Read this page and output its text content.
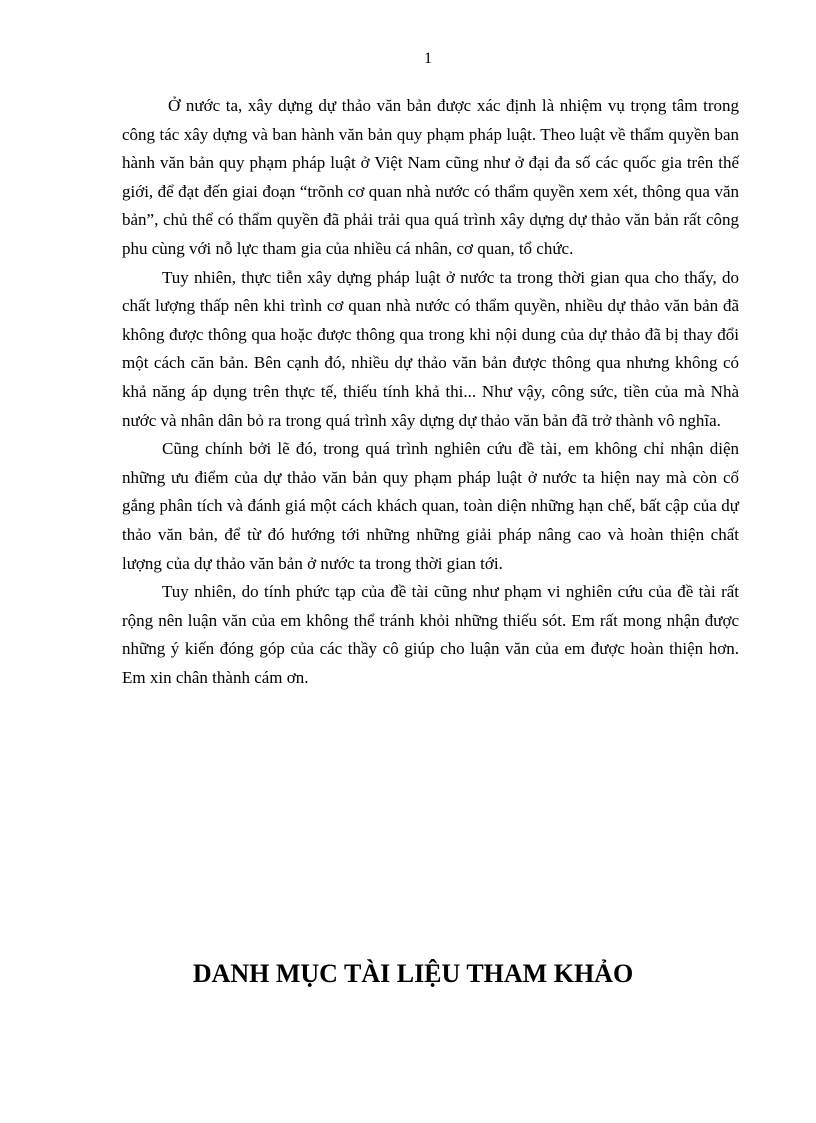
1

Ở nước ta, xây dựng dự thảo văn bản được xác định là nhiệm vụ trọng tâm trong công tác xây dựng và ban hành văn bản quy phạm pháp luật. Theo luật về thẩm quyền ban hành văn bản quy phạm pháp luật ở Việt Nam cũng như ở đại đa số các quốc gia trên thế giới, để đạt đến giai đoạn “trõnh cơ quan nhà nước có thẩm quyền xem xét, thông qua văn bản”, chủ thể có thẩm quyền đã phải trải qua quá trình xây dựng dự thảo văn bản rất công phu cùng với nỗ lực tham gia của nhiều cá nhân, cơ quan, tổ chức.

Tuy nhiên, thực tiễn xây dựng pháp luật ở nước ta trong thời gian qua cho thấy, do chất lượng thấp nên khi trình cơ quan nhà nước có thẩm quyền, nhiều dự thảo văn bản đã không được thông qua hoặc được thông qua trong khi nội dung của dự thảo đã bị thay đổi một cách căn bản. Bên cạnh đó, nhiều dự thảo văn bản được thông qua nhưng không có khả năng áp dụng trên thực tế, thiếu tính khả thi... Như vậy, công sức, tiền của mà Nhà nước và nhân dân bỏ ra trong quá trình xây dựng dự thảo văn bản đã trở thành vô nghĩa.

Cũng chính bởi lẽ đó, trong quá trình nghiên cứu đề tài, em không chỉ nhận diện những ưu điểm của dự thảo văn bản quy phạm pháp luật ở nước ta hiện nay mà còn cố gắng phân tích và đánh giá một cách khách quan, toàn diện những hạn chế, bất cập của dự thảo văn bản, để từ đó hướng tới những những giải pháp nâng cao và hoàn thiện chất lượng của dự thảo văn bản ở nước ta trong thời gian tới.

Tuy nhiên, do tính phức tạp của đề tài cũng như phạm vi nghiên cứu của đề tài rất rộng nên luận văn của em không thể tránh khỏi những thiếu sót. Em rất mong nhận được những ý kiến đóng góp của các thầy cô giúp cho luận văn của em được hoàn thiện hơn. Em xin chân thành cám ơn.

DANH MỤC TÀI LIỆU THAM KHẢO
